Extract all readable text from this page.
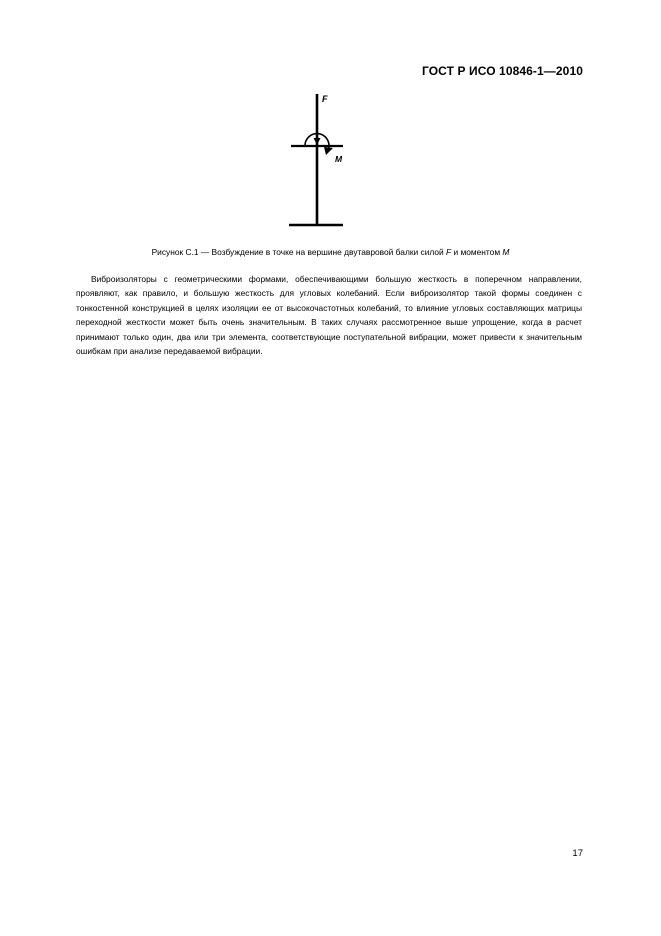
ГОСТ Р ИСО 10846-1—2010
F
M
Рисунок С.1 — Возбуждение в точке на вершине двутавровой балки силой F и моментом M

Виброизоляторы с геометрическими формами, обеспечивающими большую жесткость в поперечном направлении, проявляют, как правило, и большую жесткость для угловых колебаний. Если виброизолятор такой формы соединен с тонкостенной конструкцией в целях изоляции ее от высокочастотных колебаний, то влияние угловых составляющих матрицы переходной жесткости может быть очень значительным. В таких случаях рассмотренное выше упрощение, когда в расчет принимают только один, два или три элемента, соответствующие поступательной вибрации, может привести к значительным ошибкам при анализе передаваемой вибрации.

17
